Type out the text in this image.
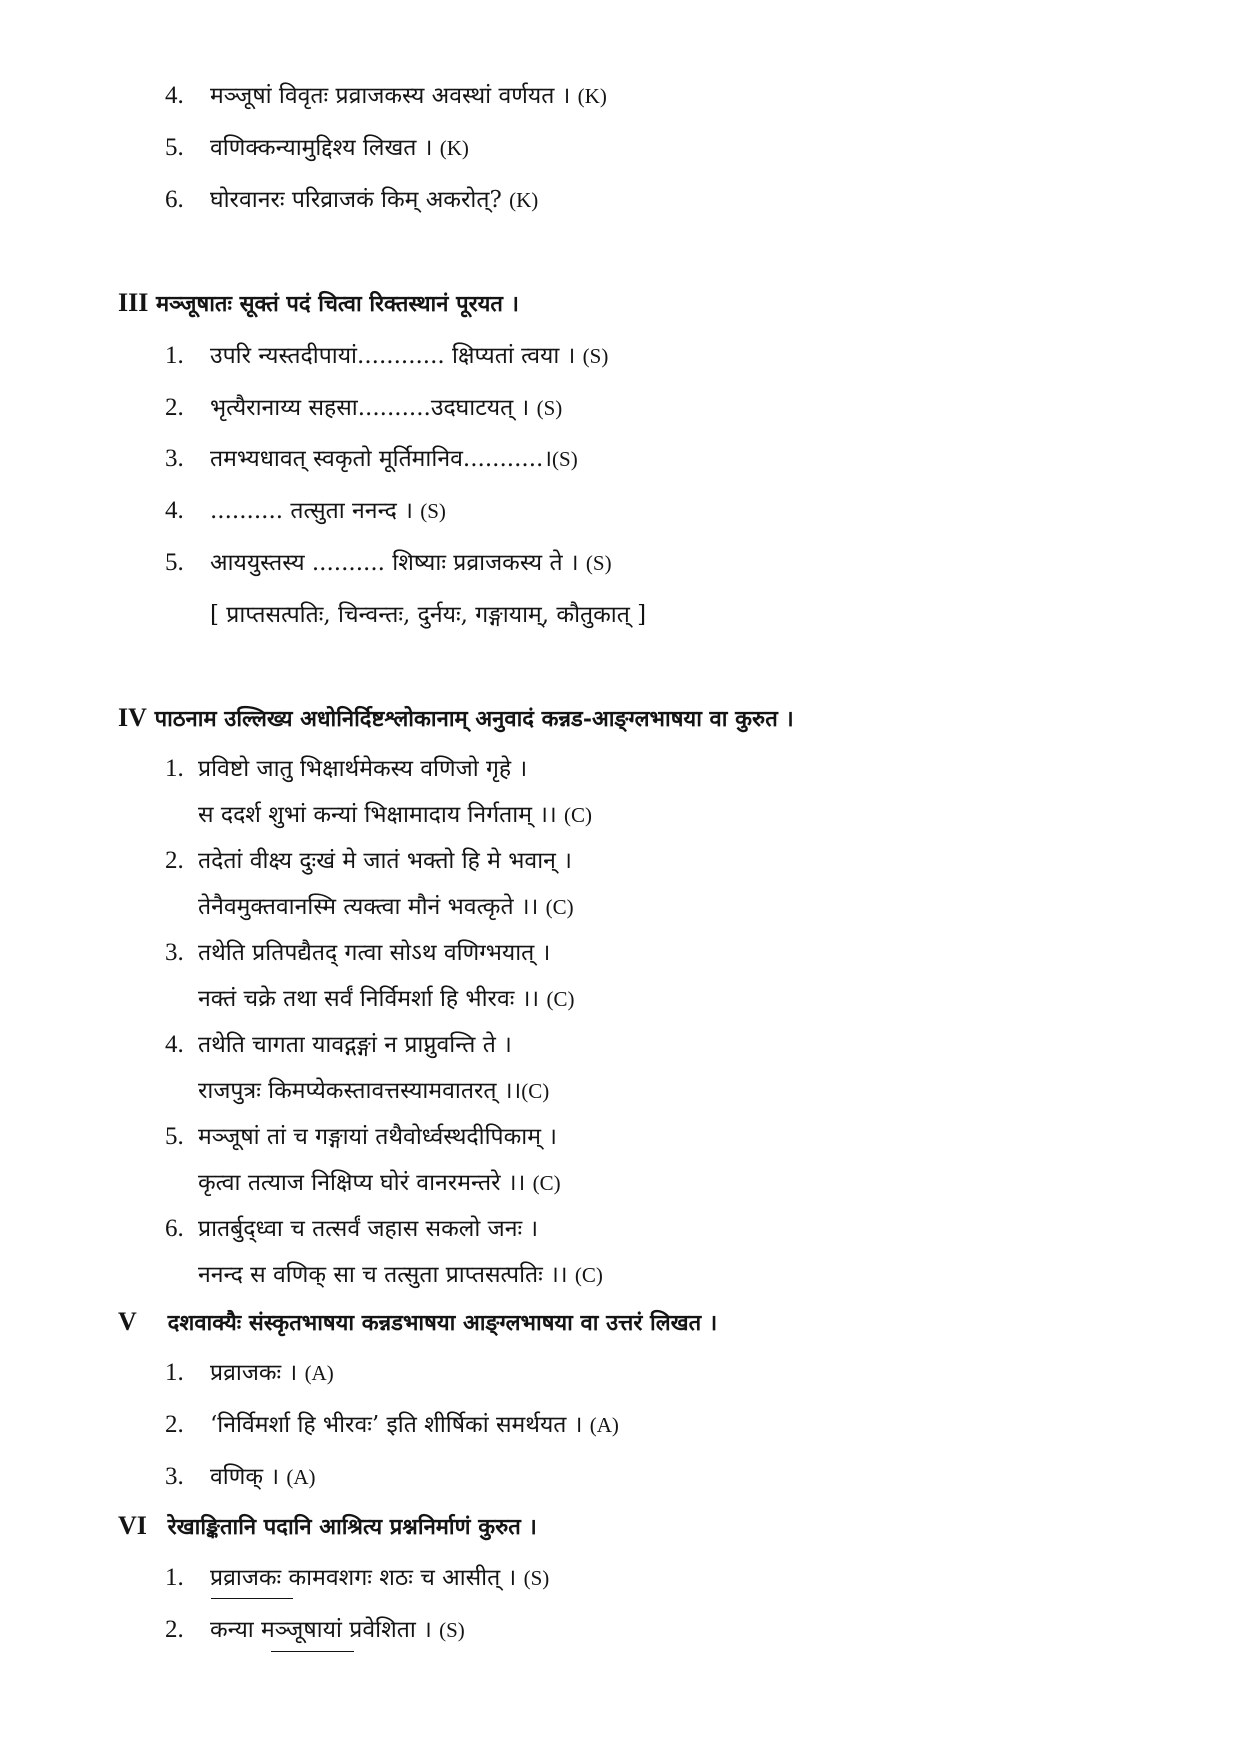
4. मञ्जूषां विवृतः प्रव्राजकस्य अवस्थां वर्णयत । (K)
5. वणिक्कन्यामुद्दिश्य लिखत । (K)
6. घोरवानरः परिव्राजकं किम् अकरोत्? (K)
III मञ्जूषातः सूक्तं पदं चित्वा रिक्तस्थानं पूरयत ।
1. उपरि न्यस्तदीपायां............ क्षिप्यतां त्वया । (S)
2. भृत्यैरानाय्य सहसा..........उदघाटयत् । (S)
3. तमभ्यधावत् स्वकृतो मूर्तिमानिव...........।(S)
4. .......... तत्सुता ननन्द । (S)
5. आययुस्तस्य .......... शिष्याः प्रव्राजकस्य ते । (S)
[ प्राप्तसत्पतिः, चिन्वन्तः, दुर्नयः, गङ्गायाम्, कौतुकात् ]
IV पाठनाम उल्लिख्य अधोनिर्दिष्टश्लोकानाम् अनुवादं कन्नड-आङ्ग्लभाषया वा कुरुत ।
1. प्रविष्टो जातु भिक्षार्थमेकस्य वणिजो गृहे ।
स ददर्श शुभां कन्यां भिक्षामादाय निर्गताम् ।। (C)
2. तदेतां वीक्ष्य दुःखं मे जातं भक्तो हि मे भवान् ।
तेनैवमुक्तवानस्मि त्यक्त्वा मौनं भवत्कृते ।। (C)
3. तथेति प्रतिपद्यैतद् गत्वा सोऽथ वणिग्भयात् ।
नक्तं चक्रे तथा सर्वं निर्विमर्शा हि भीरवः ।। (C)
4. तथेति चागता यावद्गङ्गां न प्राप्नुवन्ति ते ।
राजपुत्रः किमप्येकस्तावत्तस्यामवातरत् ।।(C)
5. मञ्जूषां तां च गङ्गायां तथैवोर्ध्वस्थदीपिकाम् ।
कृत्वा तत्याज निक्षिप्य घोरं वानरमन्तरे ।। (C)
6. प्रातर्बुद्ध्वा च तत्सर्वं जहास सकलो जनः ।
ननन्द स वणिक् सा च तत्सुता प्राप्तसत्पतिः ।। (C)
V दशवाक्यैः संस्कृतभाषया कन्नडभाषया आङ्ग्लभाषया वा उत्तरं लिखत ।
1. प्रव्राजकः । (A)
2. ‘निर्विमर्शा हि भीरवः’ इति शीर्षिकां समर्थयत । (A)
3. वणिक् । (A)
VI रेखाङ्कितानि पदानि आश्रित्य प्रश्ननिर्माणं कुरुत ।
1. प्रव्राजकः कामवशगः शठः च आसीत् । (S)
2. कन्या मञ्जूषायां प्रवेशिता । (S)
